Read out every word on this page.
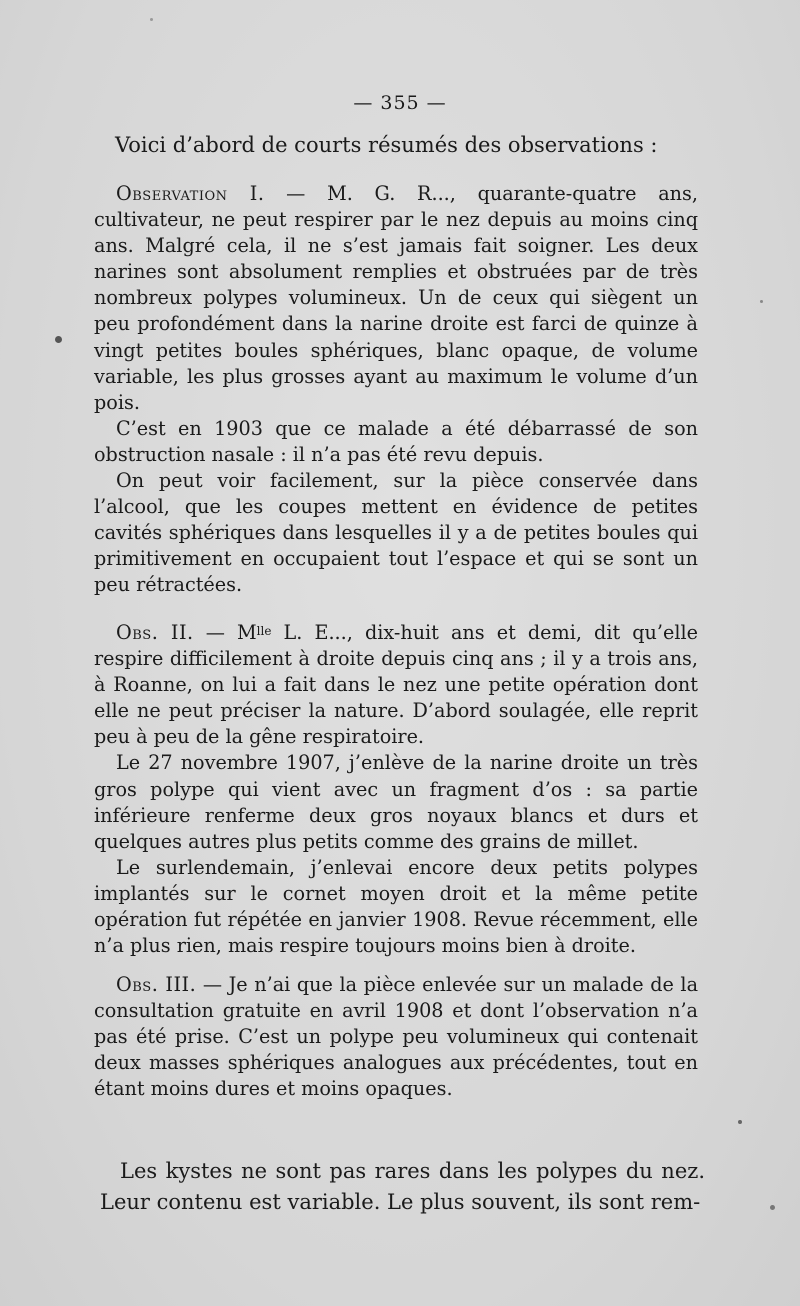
— 355 —
Voici d’abord de courts résumés des observations :

Observation I. — M. G. R..., quarante-quatre ans, cultivateur, ne peut respirer par le nez depuis au moins cinq ans. Malgré cela, il ne s’est jamais fait soigner. Les deux narines sont absolument remplies et obstruées par de très nombreux polypes volumineux. Un de ceux qui siègent un peu profondément dans la narine droite est farci de quinze à vingt petites boules sphériques, blanc opaque, de volume variable, les plus grosses ayant au maximum le volume d’un pois.

C’est en 1903 que ce malade a été débarrassé de son obstruction nasale : il n’a pas été revu depuis.

On peut voir facilement, sur la pièce conservée dans l’alcool, que les coupes mettent en évidence de petites cavités sphériques dans lesquelles il y a de petites boules qui primitivement en occupaient tout l’espace et qui se sont un peu rétractées.

Obs. II. — $M^{lle}$ L. E..., dix-huit ans et demi, dit qu’elle respire difficilement à droite depuis cinq ans ; il y a trois ans, à Roanne, on lui a fait dans le nez une petite opération dont elle ne peut préciser la nature. D’abord soulagée, elle reprit peu à peu de la gêne respiratoire.

Le 27 novembre 1907, j’enlève de la narine droite un très gros polype qui vient avec un fragment d’os : sa partie inférieure renferme deux gros noyaux blancs et durs et quelques autres plus petits comme des grains de millet.

Le surlendemain, j’enlevai encore deux petits polypes implantés sur le cornet moyen droit et la même petite opération fut répétée en janvier 1908. Revue récemment, elle n’a plus rien, mais respire toujours moins bien à droite.

Obs. III. — Je n’ai que la pièce enlevée sur un malade de la consultation gratuite en avril 1908 et dont l’observation n’a pas été prise. C’est un polype peu volumineux qui contenait deux masses sphériques analogues aux précédentes, tout en étant moins dures et moins opaques.

Les kystes ne sont pas rares dans les polypes du nez. Leur contenu est variable. Le plus souvent, ils sont rem-
